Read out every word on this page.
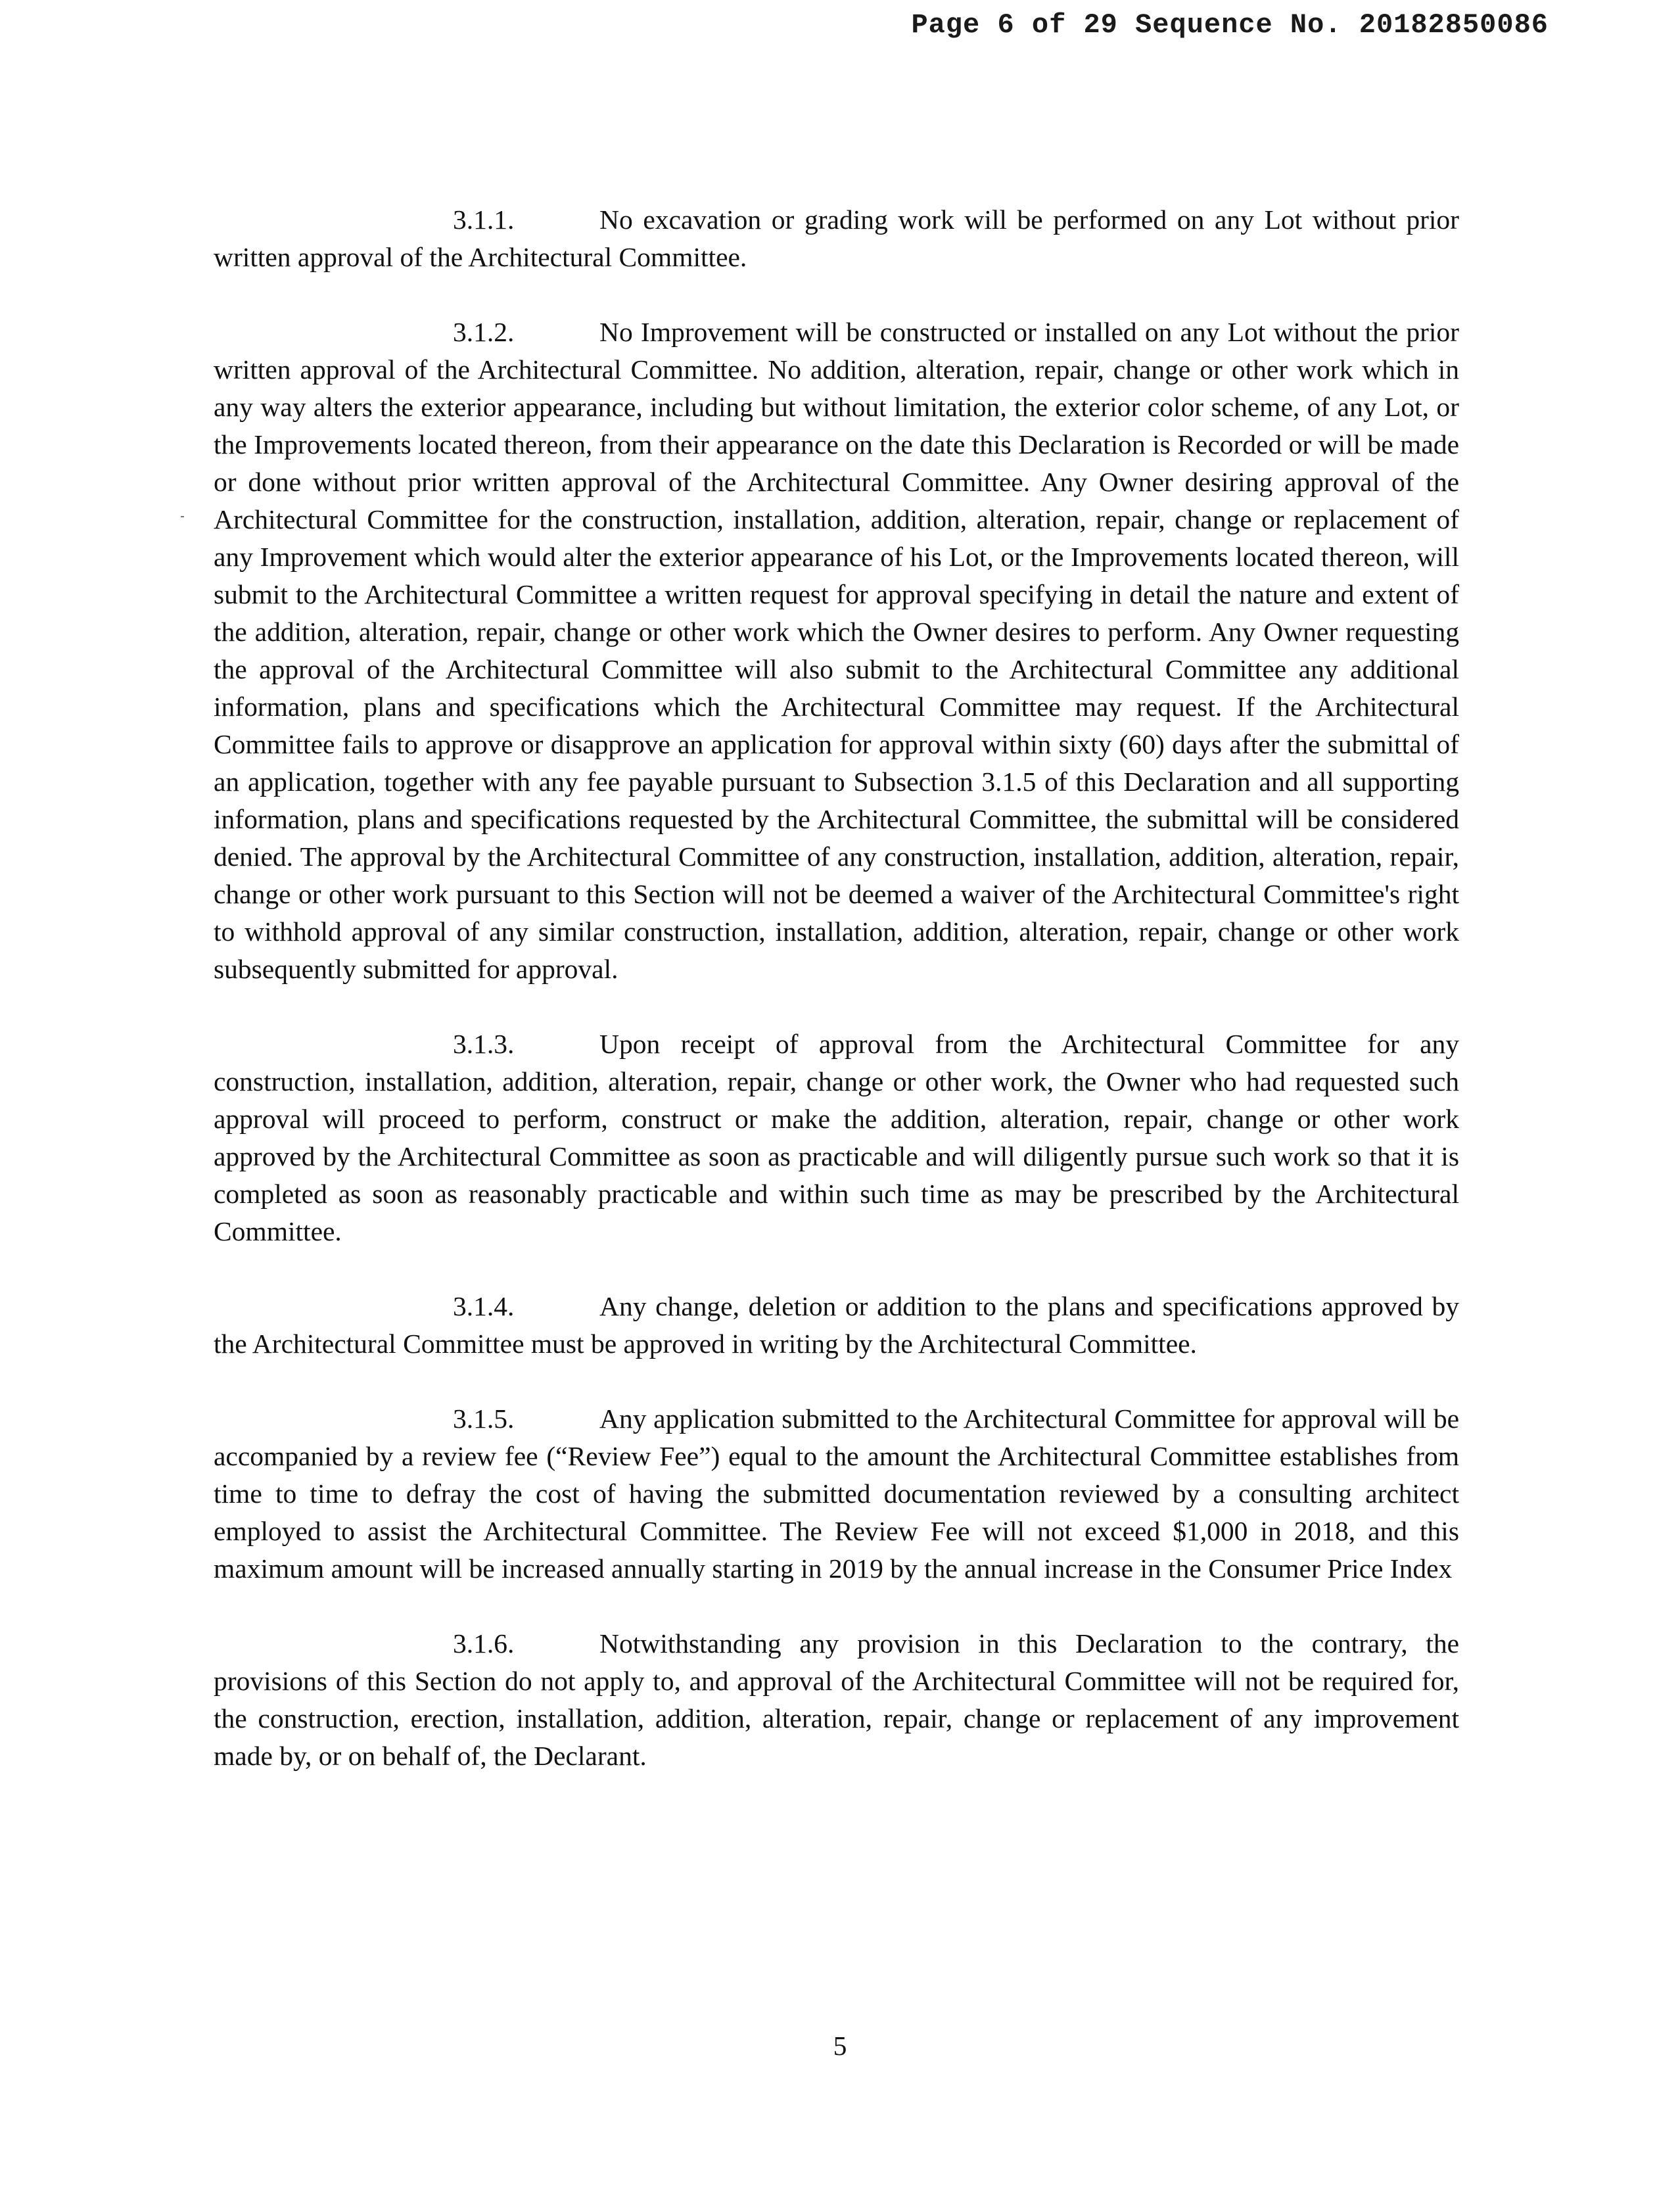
Page 6 of 29 Sequence No. 20182850086

3.1.1.	No excavation or grading work will be performed on any Lot without prior written approval of the Architectural Committee.

3.1.2.	No Improvement will be constructed or installed on any Lot without the prior written approval of the Architectural Committee. No addition, alteration, repair, change or other work which in any way alters the exterior appearance, including but without limitation, the exterior color scheme, of any Lot, or the Improvements located thereon, from their appearance on the date this Declaration is Recorded or will be made or done without prior written approval of the Architectural Committee. Any Owner desiring approval of the Architectural Committee for the construction, installation, addition, alteration, repair, change or replacement of any Improvement which would alter the exterior appearance of his Lot, or the Improvements located thereon, will submit to the Architectural Committee a written request for approval specifying in detail the nature and extent of the addition, alteration, repair, change or other work which the Owner desires to perform. Any Owner requesting the approval of the Architectural Committee will also submit to the Architectural Committee any additional information, plans and specifications which the Architectural Committee may request. If the Architectural Committee fails to approve or disapprove an application for approval within sixty (60) days after the submittal of an application, together with any fee payable pursuant to Subsection 3.1.5 of this Declaration and all supporting information, plans and specifications requested by the Architectural Committee, the submittal will be considered denied. The approval by the Architectural Committee of any construction, installation, addition, alteration, repair, change or other work pursuant to this Section will not be deemed a waiver of the Architectural Committee's right to withhold approval of any similar construction, installation, addition, alteration, repair, change or other work subsequently submitted for approval.

3.1.3.	Upon receipt of approval from the Architectural Committee for any construction, installation, addition, alteration, repair, change or other work, the Owner who had requested such approval will proceed to perform, construct or make the addition, alteration, repair, change or other work approved by the Architectural Committee as soon as practicable and will diligently pursue such work so that it is completed as soon as reasonably practicable and within such time as may be prescribed by the Architectural Committee.

3.1.4.	Any change, deletion or addition to the plans and specifications approved by the Architectural Committee must be approved in writing by the Architectural Committee.

3.1.5.	Any application submitted to the Architectural Committee for approval will be accompanied by a review fee (“Review Fee”) equal to the amount the Architectural Committee establishes from time to time to defray the cost of having the submitted documentation reviewed by a consulting architect employed to assist the Architectural Committee. The Review Fee will not exceed $1,000 in 2018, and this maximum amount will be increased annually starting in 2019 by the annual increase in the Consumer Price Index

3.1.6.	Notwithstanding any provision in this Declaration to the contrary, the provisions of this Section do not apply to, and approval of the Architectural Committee will not be required for, the construction, erection, installation, addition, alteration, repair, change or replacement of any improvement made by, or on behalf of, the Declarant.

5
